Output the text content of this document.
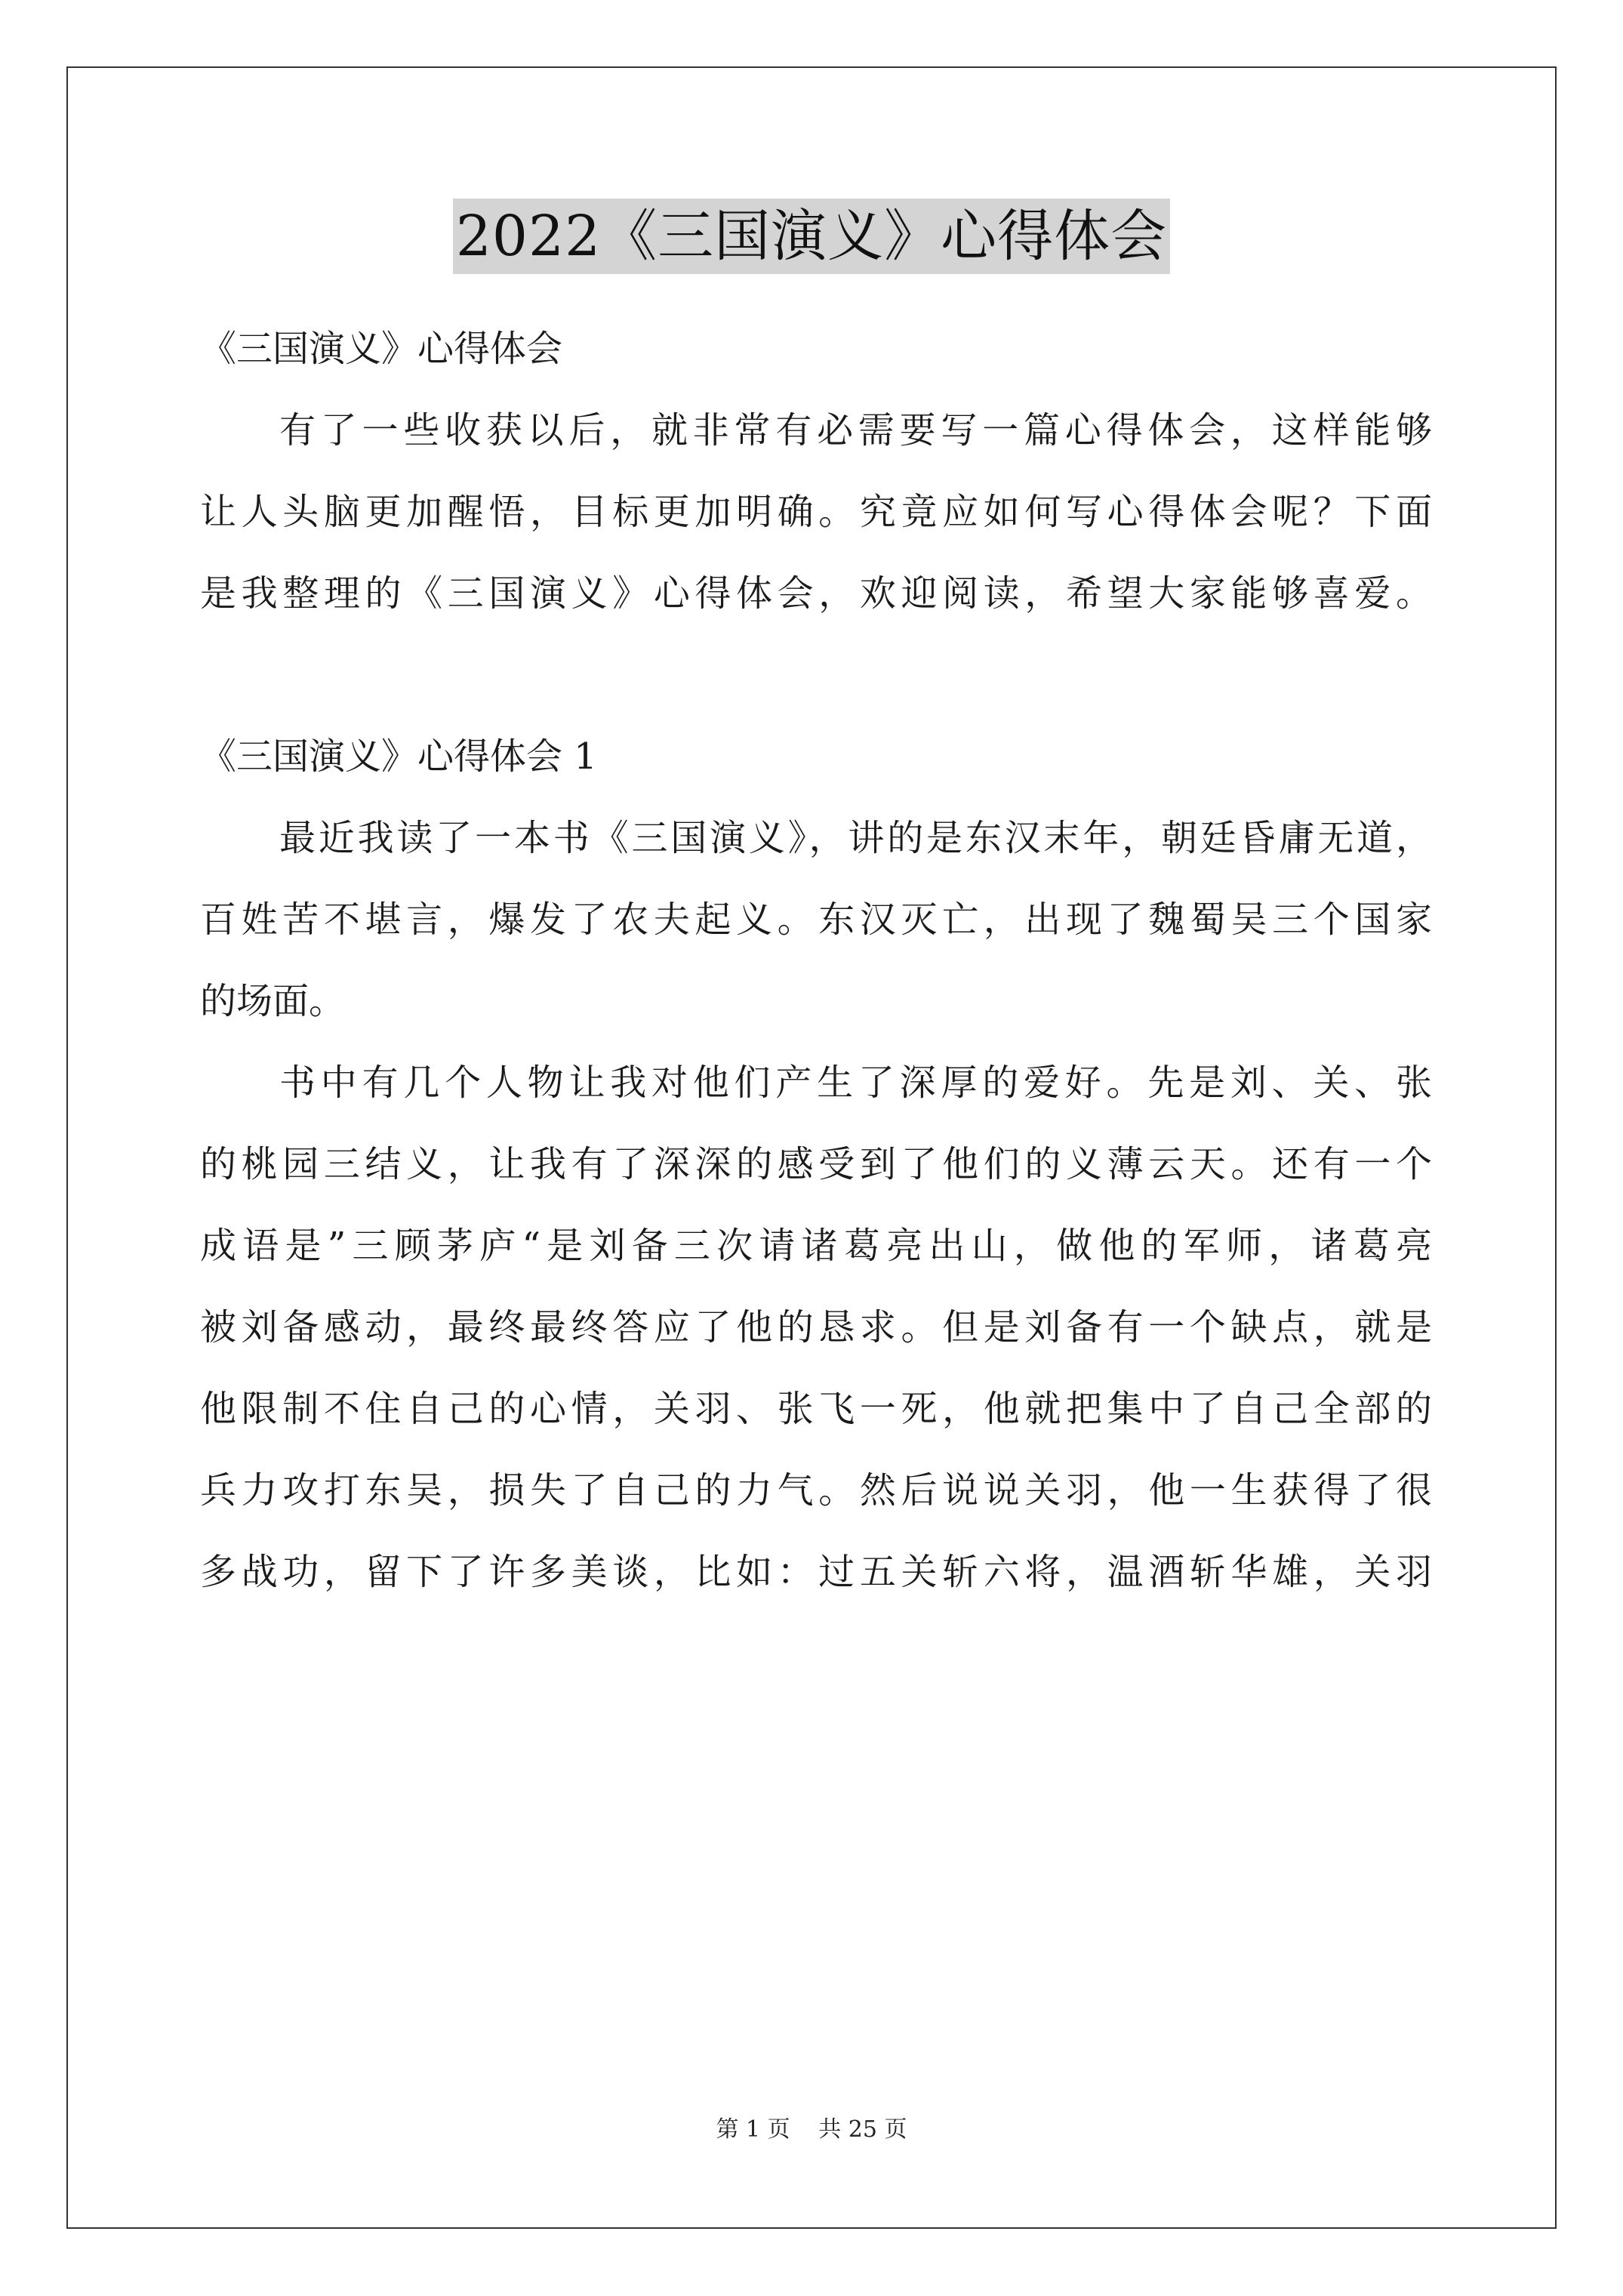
2022《三国演义》心得体会
《三国演义》心得体会
有了一些收获以后，就非常有必需要写一篇心得体会，这样能够
让人头脑更加醒悟，目标更加明确。究竟应如何写心得体会呢？下面
是我整理的《三国演义》心得体会，欢迎阅读，希望大家能够喜爱。
《三国演义》心得体会 1
最近我读了一本书《三国演义》，讲的是东汉末年，朝廷昏庸无道，
百姓苦不堪言，爆发了农夫起义。东汉灭亡，出现了魏蜀吴三个国家
的场面。
书中有几个人物让我对他们产生了深厚的爱好。先是刘、关、张
的桃园三结义，让我有了深深的感受到了他们的义薄云天。还有一个
成语是”三顾茅庐“是刘备三次请诸葛亮出山，做他的军师，诸葛亮
被刘备感动，最终最终答应了他的恳求。但是刘备有一个缺点，就是
他限制不住自己的心情，关羽、张飞一死，他就把集中了自己全部的
兵力攻打东吴，损失了自己的力气。然后说说关羽，他一生获得了很
多战功，留下了许多美谈，比如：过五关斩六将，温酒斩华雄，关羽
第 1 页 共 25 页
